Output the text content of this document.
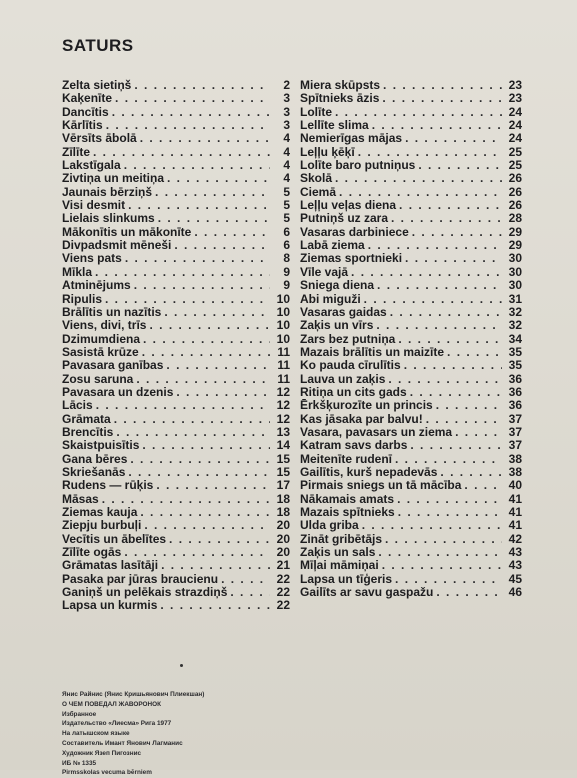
SATURS
Zelta sietiņš . . .	2
Kaķenīte . . .	3
Dancītis . . .	3
Kārlītis . . .	3
Vērsīts ābolā . . .	4
Zīlīte . . .	4
Lakstīgala . . .	4
Zivtiņa un meitiņa . . .	4
Jaunais bērziņš . . .	5
Visi desmit . . .	5
Lielais slinkums . . .	5
Mākonītis un mākonīte . . .	6
Divpadsmit mēneši . . .	6
Viens pats . . .	8
Mīkla . . .	9
Atminējums . . .	9
Ripulis . . .	10
Brālītis un nazītis . . .	10
Viens, divi, trīs . . .	10
Dzimumdiena . . .	10
Sasistā krūze . . .	11
Pavasara ganības . . .	11
Zosu saruna . . .	11
Pavasara un dzenis . . .	12
Lācis . . .	12
Grāmata . . .	12
Brencītis . . .	13
Skaistpuisītis . . .	14
Gana bēres . . .	15
Skriešanās . . .	15
Rudens — rūķis . . .	17
Māsas . . .	18
Ziemas kauja . . .	18
Ziepju burbuļi . . .	20
Vecītis un ābelītes . . .	20
Zīlīte ogās . . .	20
Grāmatas lasītāji . . .	21
Pasaka par jūras braucienu . . .	22
Ganiņš un pelēkais strazdiņš . . .	22
Lapsa un kurmis . . .	22
Miera skūpsts . . .	23
Spītnieks āzis . . .	23
Lolīte . . .	24
Lellīte slima . . .	24
Nemierīgas mājas . . .	24
Leļļu ķēķī . . .	25
Lolīte baro putniņus . . .	25
Skolā . . .	26
Ciemā . . .	26
Leļļu veļas diena . . .	26
Putniņš uz zara . . .	28
Vasaras darbiniece . . .	29
Labā ziema . . .	29
Ziemas sportnieki . . .	30
Vīle vajā . . .	30
Sniega diena . . .	30
Abi miguži . . .	31
Vasaras gaidas . . .	32
Zaķis un vīrs . . .	32
Zars bez putniņa . . .	34
Mazais brālītis un maizīte . . .	35
Ko pauda cīrulītis . . .	35
Lauva un zaķis . . .	36
Ritiņa un cits gads . . .	36
Ērkšķurozīte un princis . . .	36
Kas jāsaka par balvu! . . .	37
Vasara, pavasars un ziema . . .	37
Katram savs darbs . . .	37
Meitenīte rudenī . . .	38
Gailītis, kurš nepadevās . . .	38
Pirmais sniegs un tā mācība . . .	40
Nākamais amats . . .	41
Mazais spītnieks . . .	41
Ulda griba . . .	41
Zināt gribētājs . . .	42
Zaķis un sals . . .	43
Mīļai māmiņai . . .	43
Lapsa un tīģeris . . .	45
Gailīts ar savu gaspažu . . .	46
Янис Райнис (Янис Кришьянович Плиекшан)
О ЧЕМ ПОВЕДАЛ ЖАВОРОНОК
Избранное
Издательство «Лиесма» Рига 1977
На латышском языке
Составитель Имант Янович Лагманис
Художник Язеп Пигознис
ИБ № 1335
Pirmsskolas vecuma bērniem
